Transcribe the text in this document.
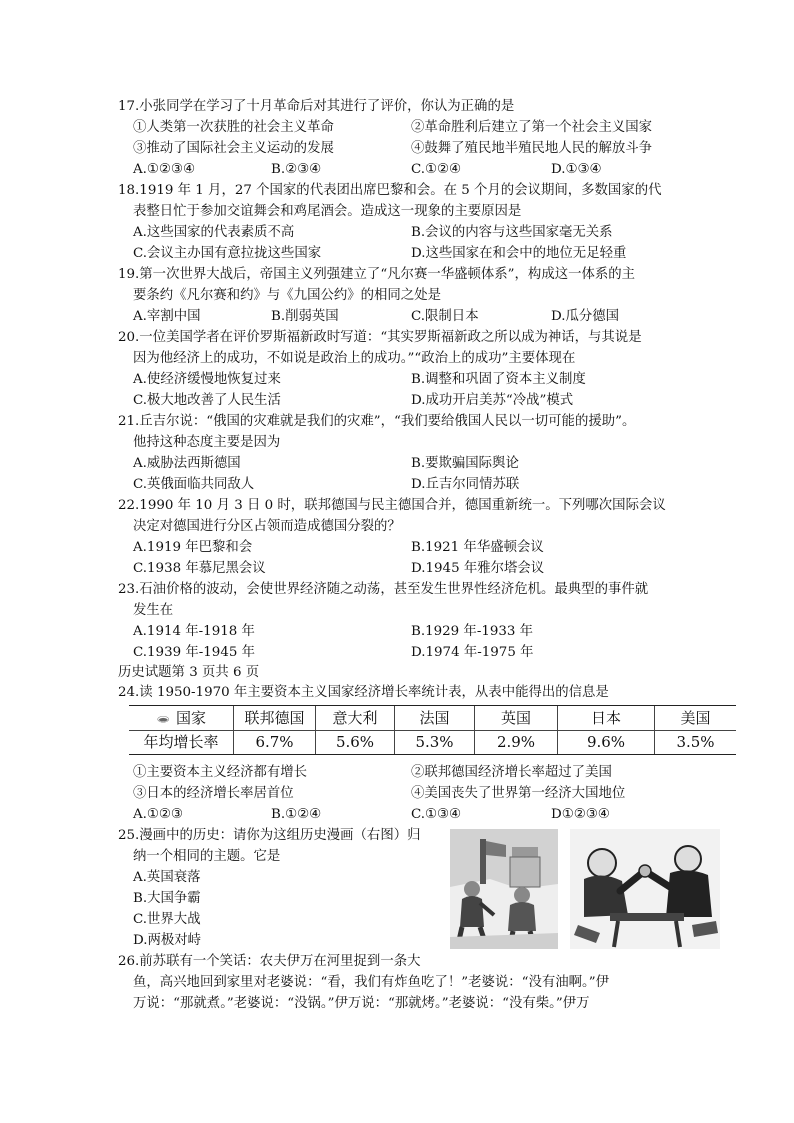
17.小张同学在学习了十月革命后对其进行了评价，你认为正确的是
①人类第一次获胜的社会主义革命	②革命胜利后建立了第一个社会主义国家
③推动了国际社会主义运动的发展	④鼓舞了殖民地半殖民地人民的解放斗争
A.①②③④	B.②③④	C.①②④	D.①③④
18.1919 年 1 月，27 个国家的代表团出席巴黎和会。在 5 个月的会议期间，多数国家的代
表整日忙于参加交谊舞会和鸡尾酒会。造成这一现象的主要原因是
A.这些国家的代表素质不高	B.会议的内容与这些国家毫无关系
C.会议主办国有意拉拢这些国家	D.这些国家在和会中的地位无足轻重
19.第一次世界大战后，帝国主义列强建立了“凡尔赛一华盛顿体系”，构成这一体系的主
要条约《凡尔赛和约》与《九国公约》的相同之处是
A.宰割中国	B.削弱英国	C.限制日本	D.瓜分德国
20.一位美国学者在评价罗斯福新政时写道：“其实罗斯福新政之所以成为神话，与其说是
因为他经济上的成功，不如说是政治上的成功。”“政治上的成功”主要体现在
A.使经济缓慢地恢复过来	B.调整和巩固了资本主义制度
C.极大地改善了人民生活	D.成功开启美苏“冷战”模式
21.丘吉尔说：“俄国的灾难就是我们的灾难”，“我们要给俄国人民以一切可能的援助”。
他持这种态度主要是因为
A.威胁法西斯德国	B.要欺骗国际舆论
C.英俄面临共同敌人	D.丘吉尔同情苏联
22.1990 年 10 月 3 日 0 时，联邦德国与民主德国合并，德国重新统一。下列哪次国际会议
决定对德国进行分区占领而造成德国分裂的？
A.1919 年巴黎和会	B.1921 年华盛顿会议
C.1938 年慕尼黑会议	D.1945 年雅尔塔会议
23.石油价格的波动，会使世界经济随之动荡，甚至发生世界性经济危机。最典型的事件就
发生在
A.1914 年-1918 年	B.1929 年-1933 年
C.1939 年-1945 年	D.1974 年-1975 年
历史试题第 3 页共 6 页
24.读 1950-1970 年主要资本主义国家经济增长率统计表，从表中能得出的信息是
🕳 国家	联邦德国	意大利	法国	英国	日本	美国
年均增长率	6.7%	5.6%	5.3%	2.9%	9.6%	3.5%
①主要资本主义经济都有增长	②联邦德国经济增长率超过了美国
③日本的经济增长率居首位	④美国丧失了世界第一经济大国地位
A.①②③	B.①②④	C.①③④	D①②③④
25.漫画中的历史：请你为这组历史漫画（右图）归
纳一个相同的主题。它是
A.英国衰落
B.大国争霸
C.世界大战
D.两极对峙
26.前苏联有一个笑话：农夫伊万在河里捉到一条大
鱼，高兴地回到家里对老婆说：“看，我们有炸鱼吃了！”老婆说：“没有油啊。”伊
万说：“那就煮。”老婆说：“没锅。”伊万说：“那就烤。”老婆说：“没有柴。”伊万
